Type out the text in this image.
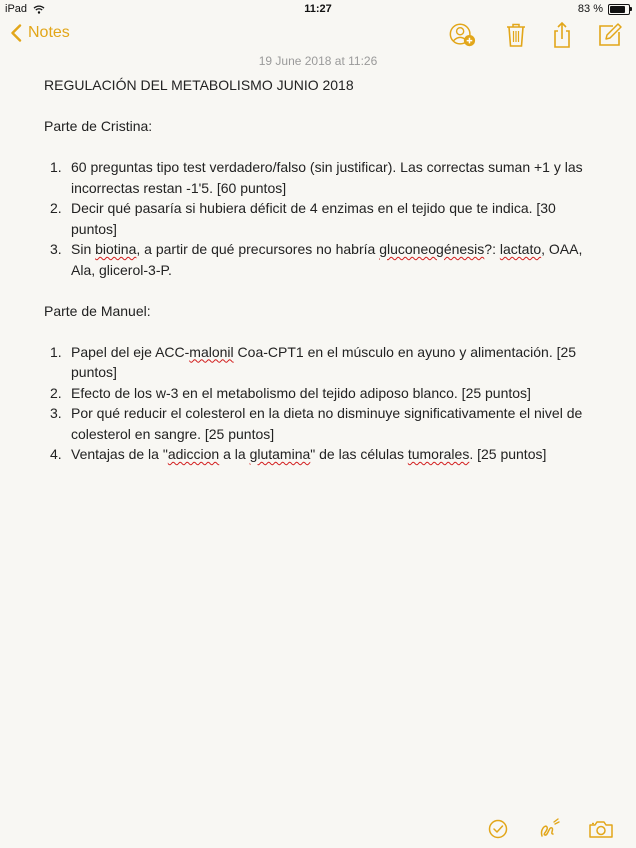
iPad	11:27	83 %
Notes
19 June 2018 at 11:26

REGULACIÓN DEL METABOLISMO JUNIO 2018

Parte de Cristina:

1. 60 preguntas tipo test verdadero/falso (sin justificar). Las correctas suman +1 y las incorrectas restan -1'5. [60 puntos]
2. Decir qué pasaría si hubiera déficit de 4 enzimas en el tejido que te indica. [30 puntos]
3. Sin biotina, a partir de qué precursores no habría gluconeogénesis?: lactato, OAA, Ala, glicerol-3-P.

Parte de Manuel:

1. Papel del eje ACC-malonil Coa-CPT1 en el músculo en ayuno y alimentación. [25 puntos]
2. Efecto de los w-3 en el metabolismo del tejido adiposo blanco. [25 puntos]
3. Por qué reducir el colesterol en la dieta no disminuye significativamente el nivel de colesterol en sangre. [25 puntos]
4. Ventajas de la "adiccion a la glutamina" de las células tumorales. [25 puntos]
